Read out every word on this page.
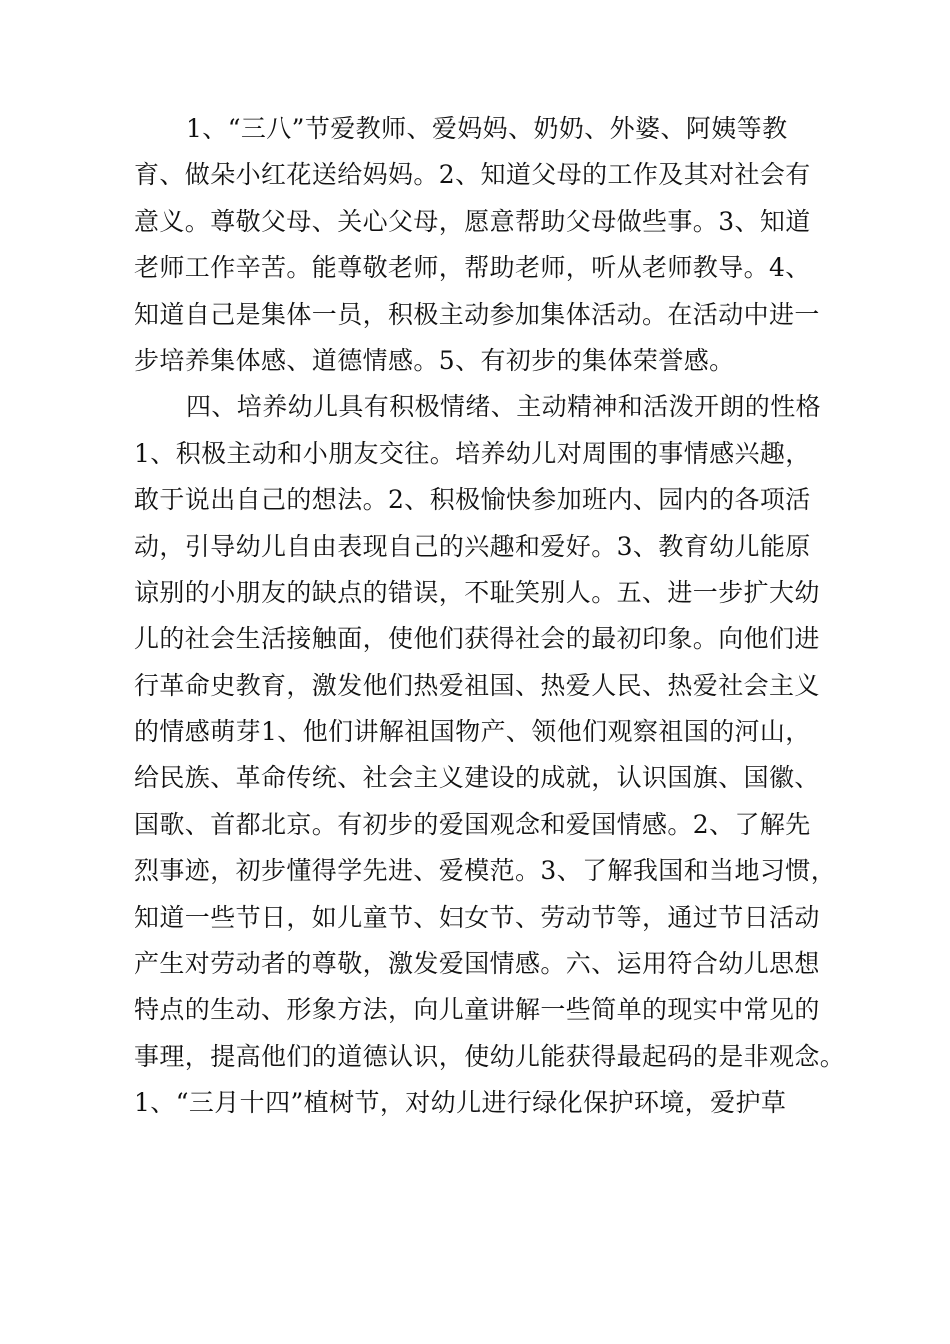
1、“三八”节爱教师、爱妈妈、奶奶、外婆、阿姨等教
育、做朵小红花送给妈妈。2、知道父母的工作及其对社会有
意义。尊敬父母、关心父母，愿意帮助父母做些事。3、知道
老师工作辛苦。能尊敬老师，帮助老师，听从老师教导。4、
知道自己是集体一员，积极主动参加集体活动。在活动中进一
步培养集体感、道德情感。5、有初步的集体荣誉感。
四、培养幼儿具有积极情绪、主动精神和活泼开朗的性格
1、积极主动和小朋友交往。培养幼儿对周围的事情感兴趣，
敢于说出自己的想法。2、积极愉快参加班内、园内的各项活
动，引导幼儿自由表现自己的兴趣和爱好。3、教育幼儿能原
谅别的小朋友的缺点的错误，不耻笑别人。五、进一步扩大幼
儿的社会生活接触面，使他们获得社会的最初印象。向他们进
行革命史教育，激发他们热爱祖国、热爱人民、热爱社会主义
的情感萌芽1、他们讲解祖国物产、领他们观察祖国的河山，
给民族、革命传统、社会主义建设的成就，认识国旗、国徽、
国歌、首都北京。有初步的爱国观念和爱国情感。2、了解先
烈事迹，初步懂得学先进、爱模范。3、了解我国和当地习惯，
知道一些节日，如儿童节、妇女节、劳动节等，通过节日活动
产生对劳动者的尊敬，激发爱国情感。六、运用符合幼儿思想
特点的生动、形象方法，向儿童讲解一些简单的现实中常见的
事理，提高他们的道德认识，使幼儿能获得最起码的是非观念。
1、“三月十四”植树节，对幼儿进行绿化保护环境，爱护草
